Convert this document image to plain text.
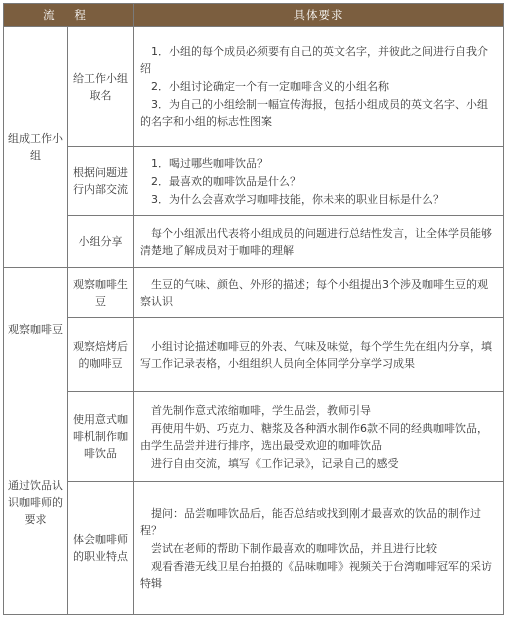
流 程		具体要求
组成工作小组	给工作小组取名	1．小组的每个成员必须要有自己的英文名字，并彼此之间进行自我介绍

2．小组讨论确定一个有一定咖啡含义的小组名称

3．为自己的小组绘制一幅宣传海报，包括小组成员的英文名字、小组的名字和小组的标志性图案

	根据问题进行内部交流	1．喝过哪些咖啡饮品？

2．最喜欢的咖啡饮品是什么？

3．为什么会喜欢学习咖啡技能，你未来的职业目标是什么？

	小组分享	每个小组派出代表将小组成员的问题进行总结性发言，让全体学员能够清楚地了解成员对于咖啡的理解

观察咖啡豆	观察咖啡生豆	生豆的气味、颜色、外形的描述；每个小组提出3个涉及咖啡生豆的观察认识

	观察焙烤后的咖啡豆	小组讨论描述咖啡豆的外表、气味及味觉，每个学生先在组内分享，填写工作记录表格，小组组织人员向全体同学分享学习成果

通过饮品认识咖啡师的要求	使用意式咖啡机制作咖啡饮品	首先制作意式浓缩咖啡，学生品尝，教师引导

再使用牛奶、巧克力、糖浆及各种酒水制作6款不同的经典咖啡饮品，由学生品尝并进行排序，选出最受欢迎的咖啡饮品

进行自由交流，填写《工作记录》，记录自己的感受

	体会咖啡师的职业特点	提问：品尝咖啡饮品后，能否总结或找到刚才最喜欢的饮品的制作过程？

尝试在老师的帮助下制作最喜欢的咖啡饮品，并且进行比较

观看香港无线卫星台拍摄的《品味咖啡》视频关于台湾咖啡冠军的采访特辑
